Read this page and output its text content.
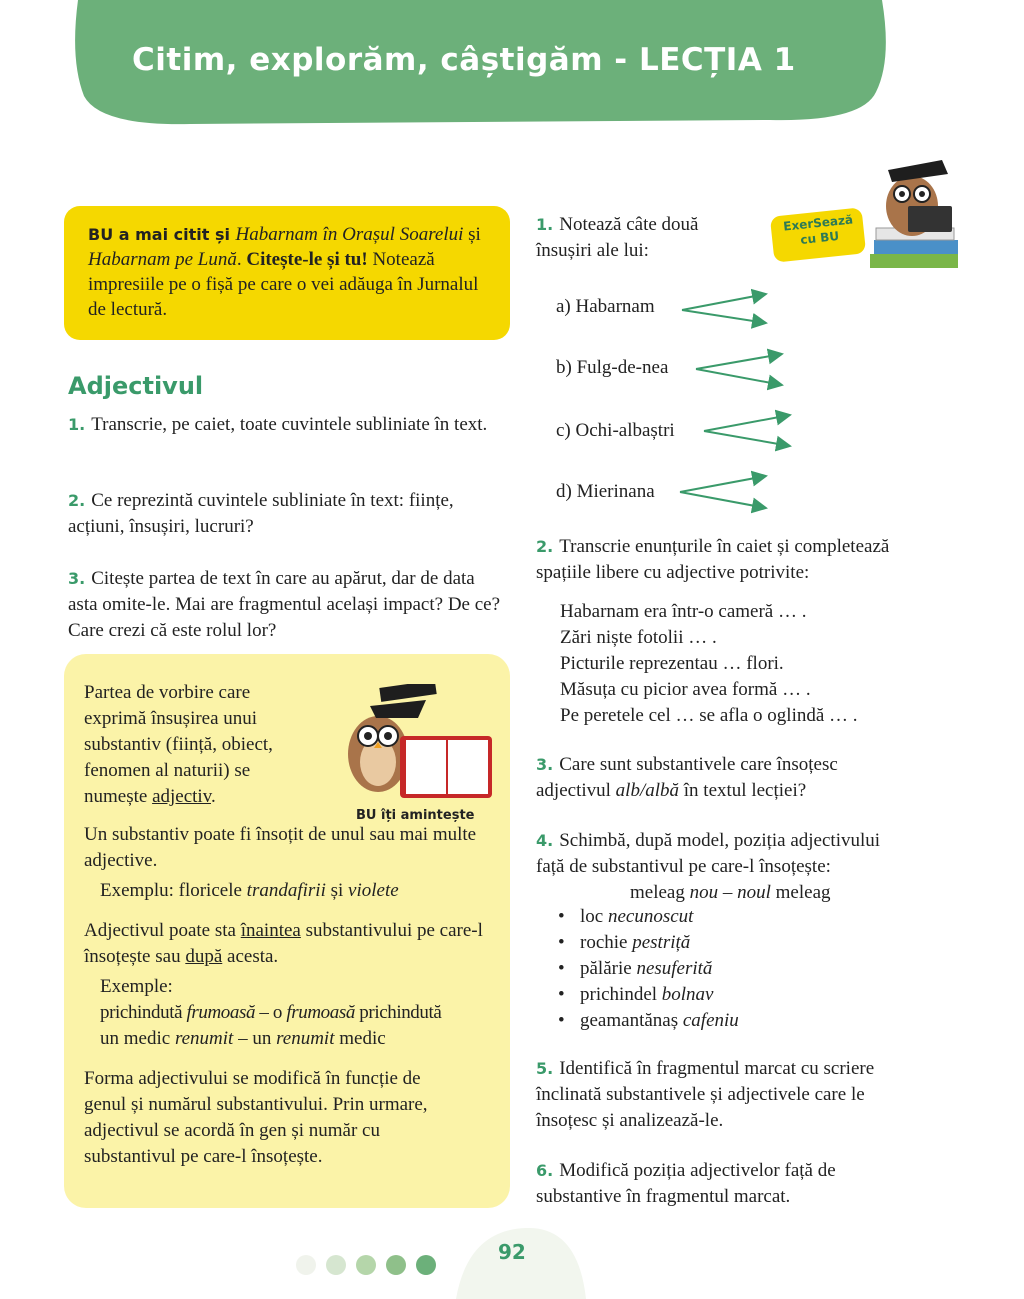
Citim, explorăm, câștigăm - LECȚIA 1
BU a mai citit și Habarnam în Orașul Soarelui și Habarnam pe Lună. Citește-le și tu! Notează impresiile pe o fișă pe care o vei adăuga în Jurnalul de lectură.
Adjectivul
1. Transcrie, pe caiet, toate cuvintele subliniate în text.
2. Ce reprezintă cuvintele subliniate în text: ființe, acțiuni, însușiri, lucruri?
3. Citește partea de text în care au apărut, dar de data asta omite-le. Mai are fragmentul același impact? De ce? Care crezi că este rolul lor?
Partea de vorbire care exprimă însușirea unui substantiv (ființă, obiect, fenomen al naturii) se numește adjectiv.
BU îți amintește
Un substantiv poate fi însoțit de unul sau mai multe adjective.
Exemplu: floricele trandafirii și violete
Adjectivul poate sta înaintea substantivului pe care-l însoțește sau după acesta.
Exemple:
prichindută frumoasă – o frumoasă prichindută
un medic renumit – un renumit medic
Forma adjectivului se modifică în funcție de genul și numărul substantivului. Prin urmare, adjectivul se acordă în gen și număr cu substantivul pe care-l însoțește.
ExerSează cu BU
1. Notează câte două
însușiri ale lui:
a) Habarnam
b) Fulg-de-nea
c) Ochi-albaștri
d) Mierinana
2. Transcrie enunțurile în caiet și completează
spațiile libere cu adjective potrivite:
Habarnam era într-o cameră … .
Zări niște fotolii … .
Picturile reprezentau … flori.
Măsuța cu picior avea formă … .
Pe peretele cel … se afla o oglindă … .
3. Care sunt substantivele care însoțesc
adjectivul alb/albă în textul lecției?
4. Schimbă, după model, poziția adjectivului
față de substantivul pe care-l însoțește:
meleag nou – noul meleag
• loc necunoscut
• rochie pestriță
• pălărie nesuferită
• prichindel bolnav
• geamantănaș cafeniu
5. Identifică în fragmentul marcat cu scriere
înclinată substantivele și adjectivele care le
însoțesc și analizează-le.
6. Modifică poziția adjectivelor față de
substantive în fragmentul marcat.
92
